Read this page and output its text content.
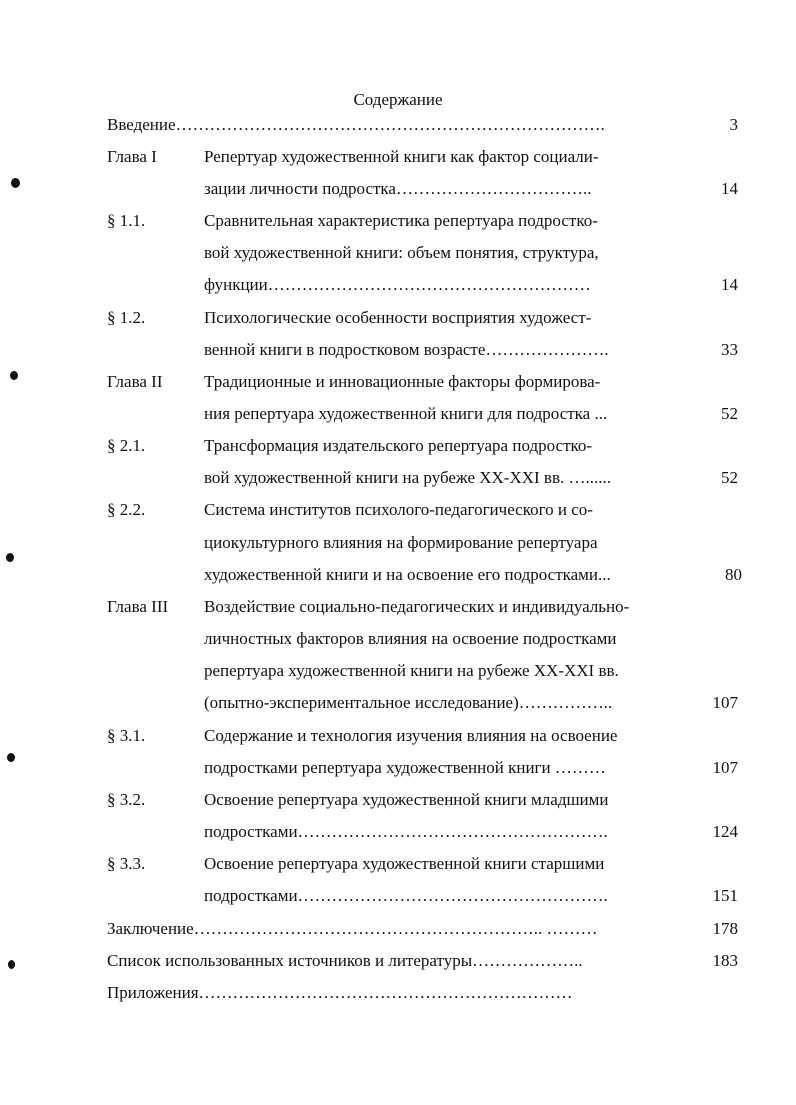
Содержание
Введение………………………………………………………………….	3
Глава I	Репертуар художественной книги как фактор социали-
зации личности подростка……………………………..	14
§ 1.1.	Сравнительная характеристика репертуара подростко-
вой художественной книги: объем понятия, структура,
функции…………………………………………………	14
§ 1.2.	Психологические особенности восприятия художест-
венной книги в подростковом возрасте………………….	33
Глава II Традиционные и инновационные факторы формирова-
ния репертуара художественной книги для подростка ...	52
§ 2.1.	Трансформация издательского репертуара подростко-
вой художественной книги на рубеже XX-XXI вв. …......	52
§ 2.2.	Система институтов психолого-педагогического и со-
циокультурного влияния на формирование репертуара
художественной книги и на освоение его подростками...	80
Глава III Воздействие социально-педагогических и индивидуально-
личностных факторов влияния на освоение подростками
репертуара художественной книги на рубеже XX-XXI вв.
(опытно-экспериментальное исследование)……………..	107
§ 3.1.	Содержание и технология изучения влияния на освоение
подростками репертуара художественной книги ………	107
§ 3.2.	Освоение репертуара художественной книги младшими
подростками……………………………………………….	124
§ 3.3.	Освоение репертуара художественной книги старшими
подростками……………………………………………….	151
Заключение…………………………………………………….. ………	178
Список использованных источников и литературы………………..	183
Приложения…………………………………………………………
